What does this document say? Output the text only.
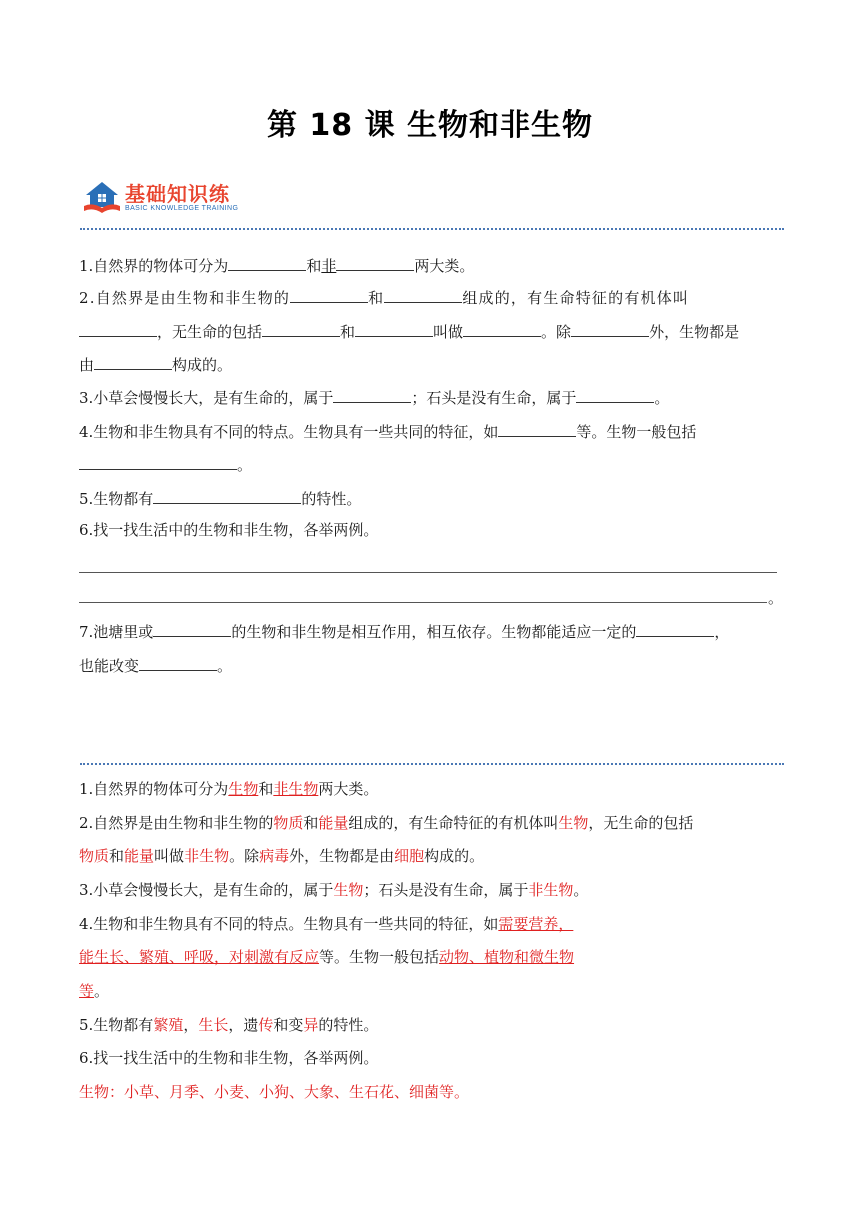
第 18 课 生物和非生物
基础知识练
BASIC KNOWLEDGE TRAINING
1.自然界的物体可分为	和非	两大类。
2.自然界是由生物和非生物的	和	组成的，有生命特征的有机体叫
，无生命的包括	和	叫做	。除	外，生物都是
由	构成的。
3.小草会慢慢长大，是有生命的，属于	；石头是没有生命，属于	。
4.生物和非生物具有不同的特点。生物具有一些共同的特征，如	等。生物一般包括
。
5.生物都有	的特性。
6.找一找生活中的生物和非生物，各举两例。
。
7.池塘里或	的生物和非生物是相互作用，相互依存。生物都能适应一定的	，
也能改变	。
1.自然界的物体可分为生物和非生物两大类。
2.自然界是由生物和非生物的物质和能量组成的，有生命特征的有机体叫生物，无生命的包括
物质和能量叫做非生物。除病毒外，生物都是由细胞构成的。
3.小草会慢慢长大，是有生命的，属于生物；石头是没有生命，属于非生物。
4.生物和非生物具有不同的特点。生物具有一些共同的特征，如需要营养，
能生长、繁殖、呼吸，对刺激有反应等。生物一般包括动物、植物和微生物
等。
5.生物都有繁殖，生长，遗传和变异的特性。
6.找一找生活中的生物和非生物，各举两例。
生物：小草、月季、小麦、小狗、大象、生石花、细菌等。
